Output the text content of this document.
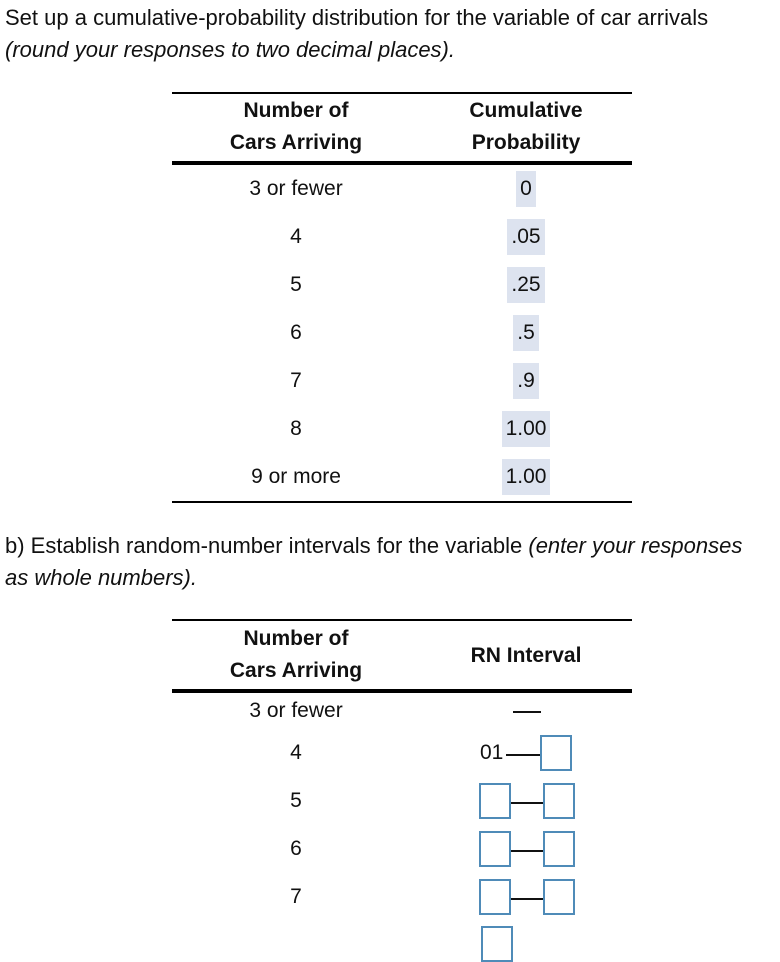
Set up a cumulative-probability distribution for the variable of car arrivals (round your responses to two decimal places).

Number of
Cars Arriving
Cumulative
Probability
3 or fewer	0
4	.05
5	.25
6	.5
7	.9
8	1.00
9 or more	1.00

b) Establish random-number intervals for the variable (enter your responses as whole numbers).

Number of
Cars Arriving
RN Interval
3 or fewer
4	01
5
6
7
